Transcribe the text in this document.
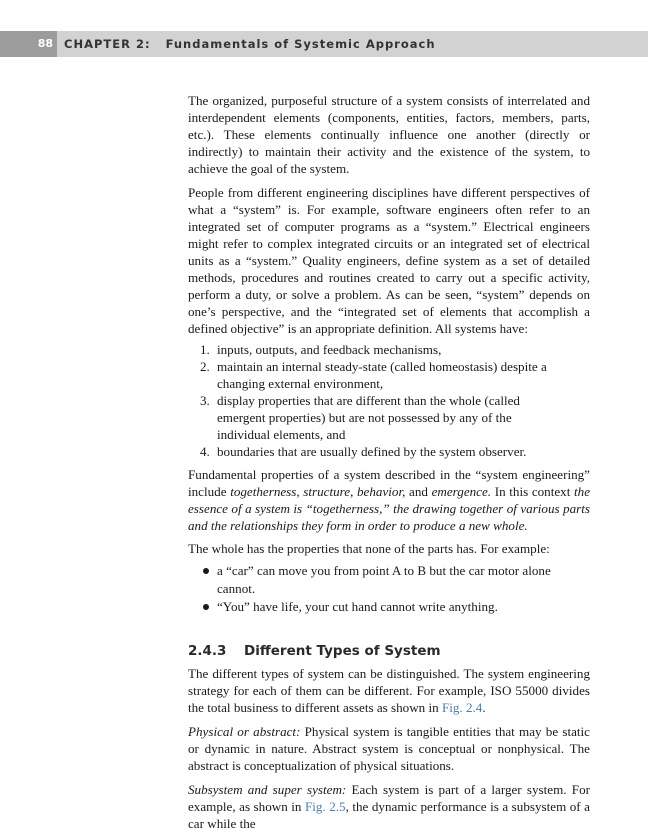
88 CHAPTER 2: Fundamentals of Systemic Approach

The organized, purposeful structure of a system consists of interrelated and interdependent elements (components, entities, factors, members, parts, etc.). These elements continually influence one another (directly or indirectly) to maintain their activity and the existence of the system, to achieve the goal of the system.

People from different engineering disciplines have different perspectives of what a “system” is. For example, software engineers often refer to an integrated set of computer programs as a “system.” Electrical engineers might refer to complex integrated circuits or an integrated set of electrical units as a “system.” Quality engineers, define system as a set of detailed methods, procedures and routines created to carry out a specific activity, perform a duty, or solve a problem. As can be seen, “system” depends on one’s perspective, and the “integrated set of elements that accomplish a defined objective” is an appropriate definition. All systems have:

1. inputs, outputs, and feedback mechanisms,
2. maintain an internal steady-state (called homeostasis) despite a changing external environment,
3. display properties that are different than the whole (called emergent properties) but are not possessed by any of the individual elements, and
4. boundaries that are usually defined by the system observer.

Fundamental properties of a system described in the “system engineering” include togetherness, structure, behavior, and emergence. In this context the essence of a system is “togetherness,” the drawing together of various parts and the relationships they form in order to produce a new whole.

The whole has the properties that none of the parts has. For example:

a “car” can move you from point A to B but the car motor alone cannot.
“You” have life, your cut hand cannot write anything.
2.4.3 Different Types of System

The different types of system can be distinguished. The system engineering strategy for each of them can be different. For example, ISO 55000 divides the total business to different assets as shown in Fig. 2.4.

Physical or abstract: Physical system is tangible entities that may be static or dynamic in nature. Abstract system is conceptual or nonphysical. The abstract is conceptualization of physical situations.

Subsystem and super system: Each system is part of a larger system. For example, as shown in Fig. 2.5, the dynamic performance is a subsystem of a car while the
